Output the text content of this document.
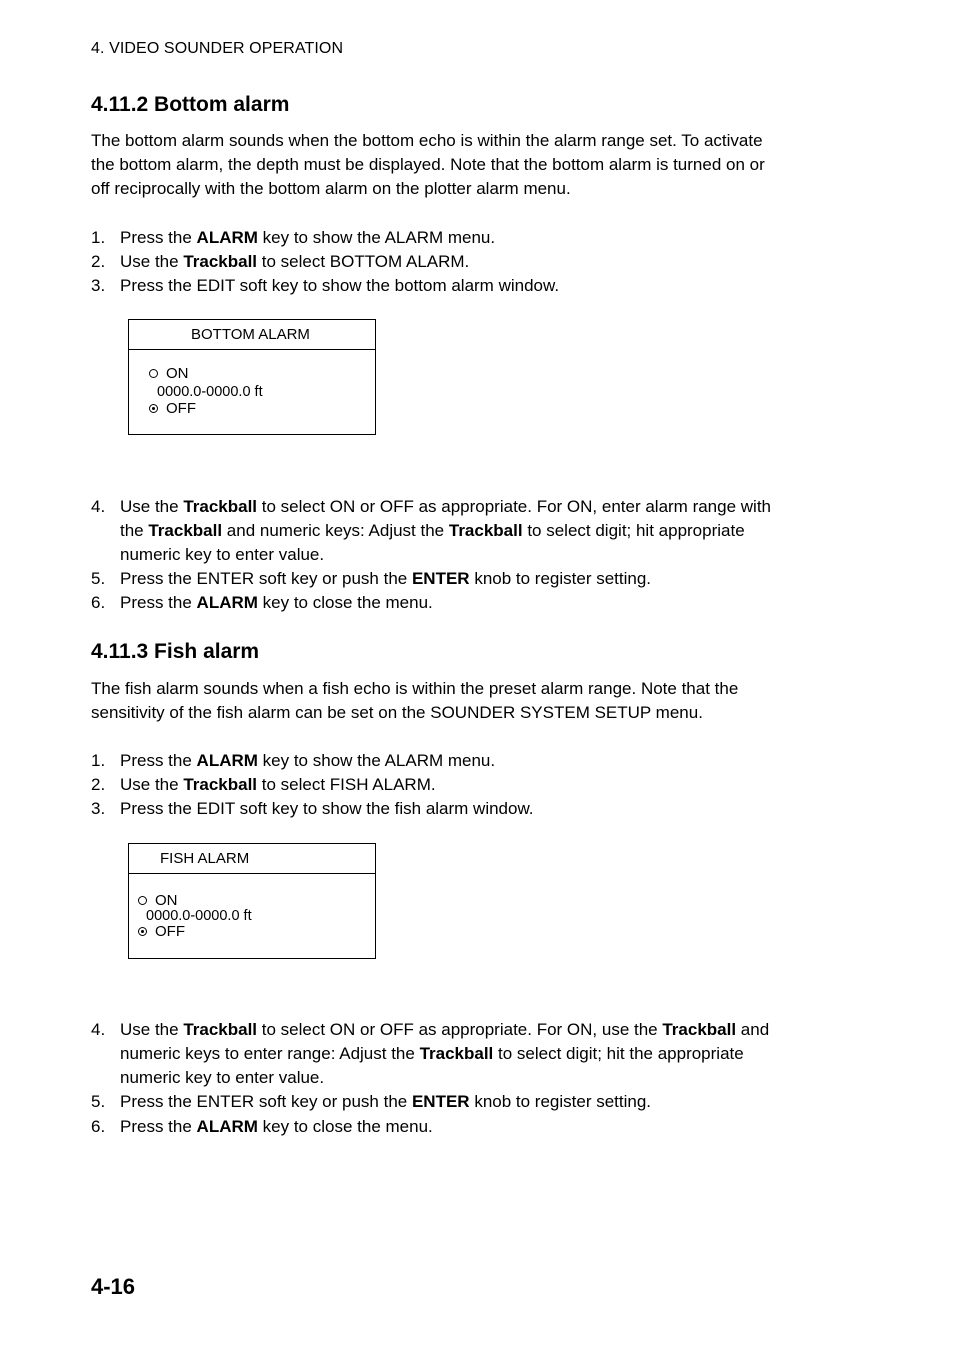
4. VIDEO SOUNDER OPERATION
4.11.2 Bottom alarm
The bottom alarm sounds when the bottom echo is within the alarm range set. To activate
the bottom alarm, the depth must be displayed. Note that the bottom alarm is turned on or
off reciprocally with the bottom alarm on the plotter alarm menu.
1. Press the ALARM key to show the ALARM menu.
2. Use the Trackball to select BOTTOM ALARM.
3. Press the EDIT soft key to show the bottom alarm window.
BOTTOM ALARM
ON
0000.0-0000.0 ft
OFF
4. Use the Trackball to select ON or OFF as appropriate. For ON, enter alarm range with
the Trackball and numeric keys: Adjust the Trackball to select digit; hit appropriate
numeric key to enter value.
5. Press the ENTER soft key or push the ENTER knob to register setting.
6. Press the ALARM key to close the menu.
4.11.3 Fish alarm
The fish alarm sounds when a fish echo is within the preset alarm range. Note that the
sensitivity of the fish alarm can be set on the SOUNDER SYSTEM SETUP menu.
1. Press the ALARM key to show the ALARM menu.
2. Use the Trackball to select FISH ALARM.
3. Press the EDIT soft key to show the fish alarm window.
FISH ALARM
ON
0000.0-0000.0 ft
OFF
4. Use the Trackball to select ON or OFF as appropriate. For ON, use the Trackball and
numeric keys to enter range: Adjust the Trackball to select digit; hit the appropriate
numeric key to enter value.
5. Press the ENTER soft key or push the ENTER knob to register setting.
6. Press the ALARM key to close the menu.
4-16
